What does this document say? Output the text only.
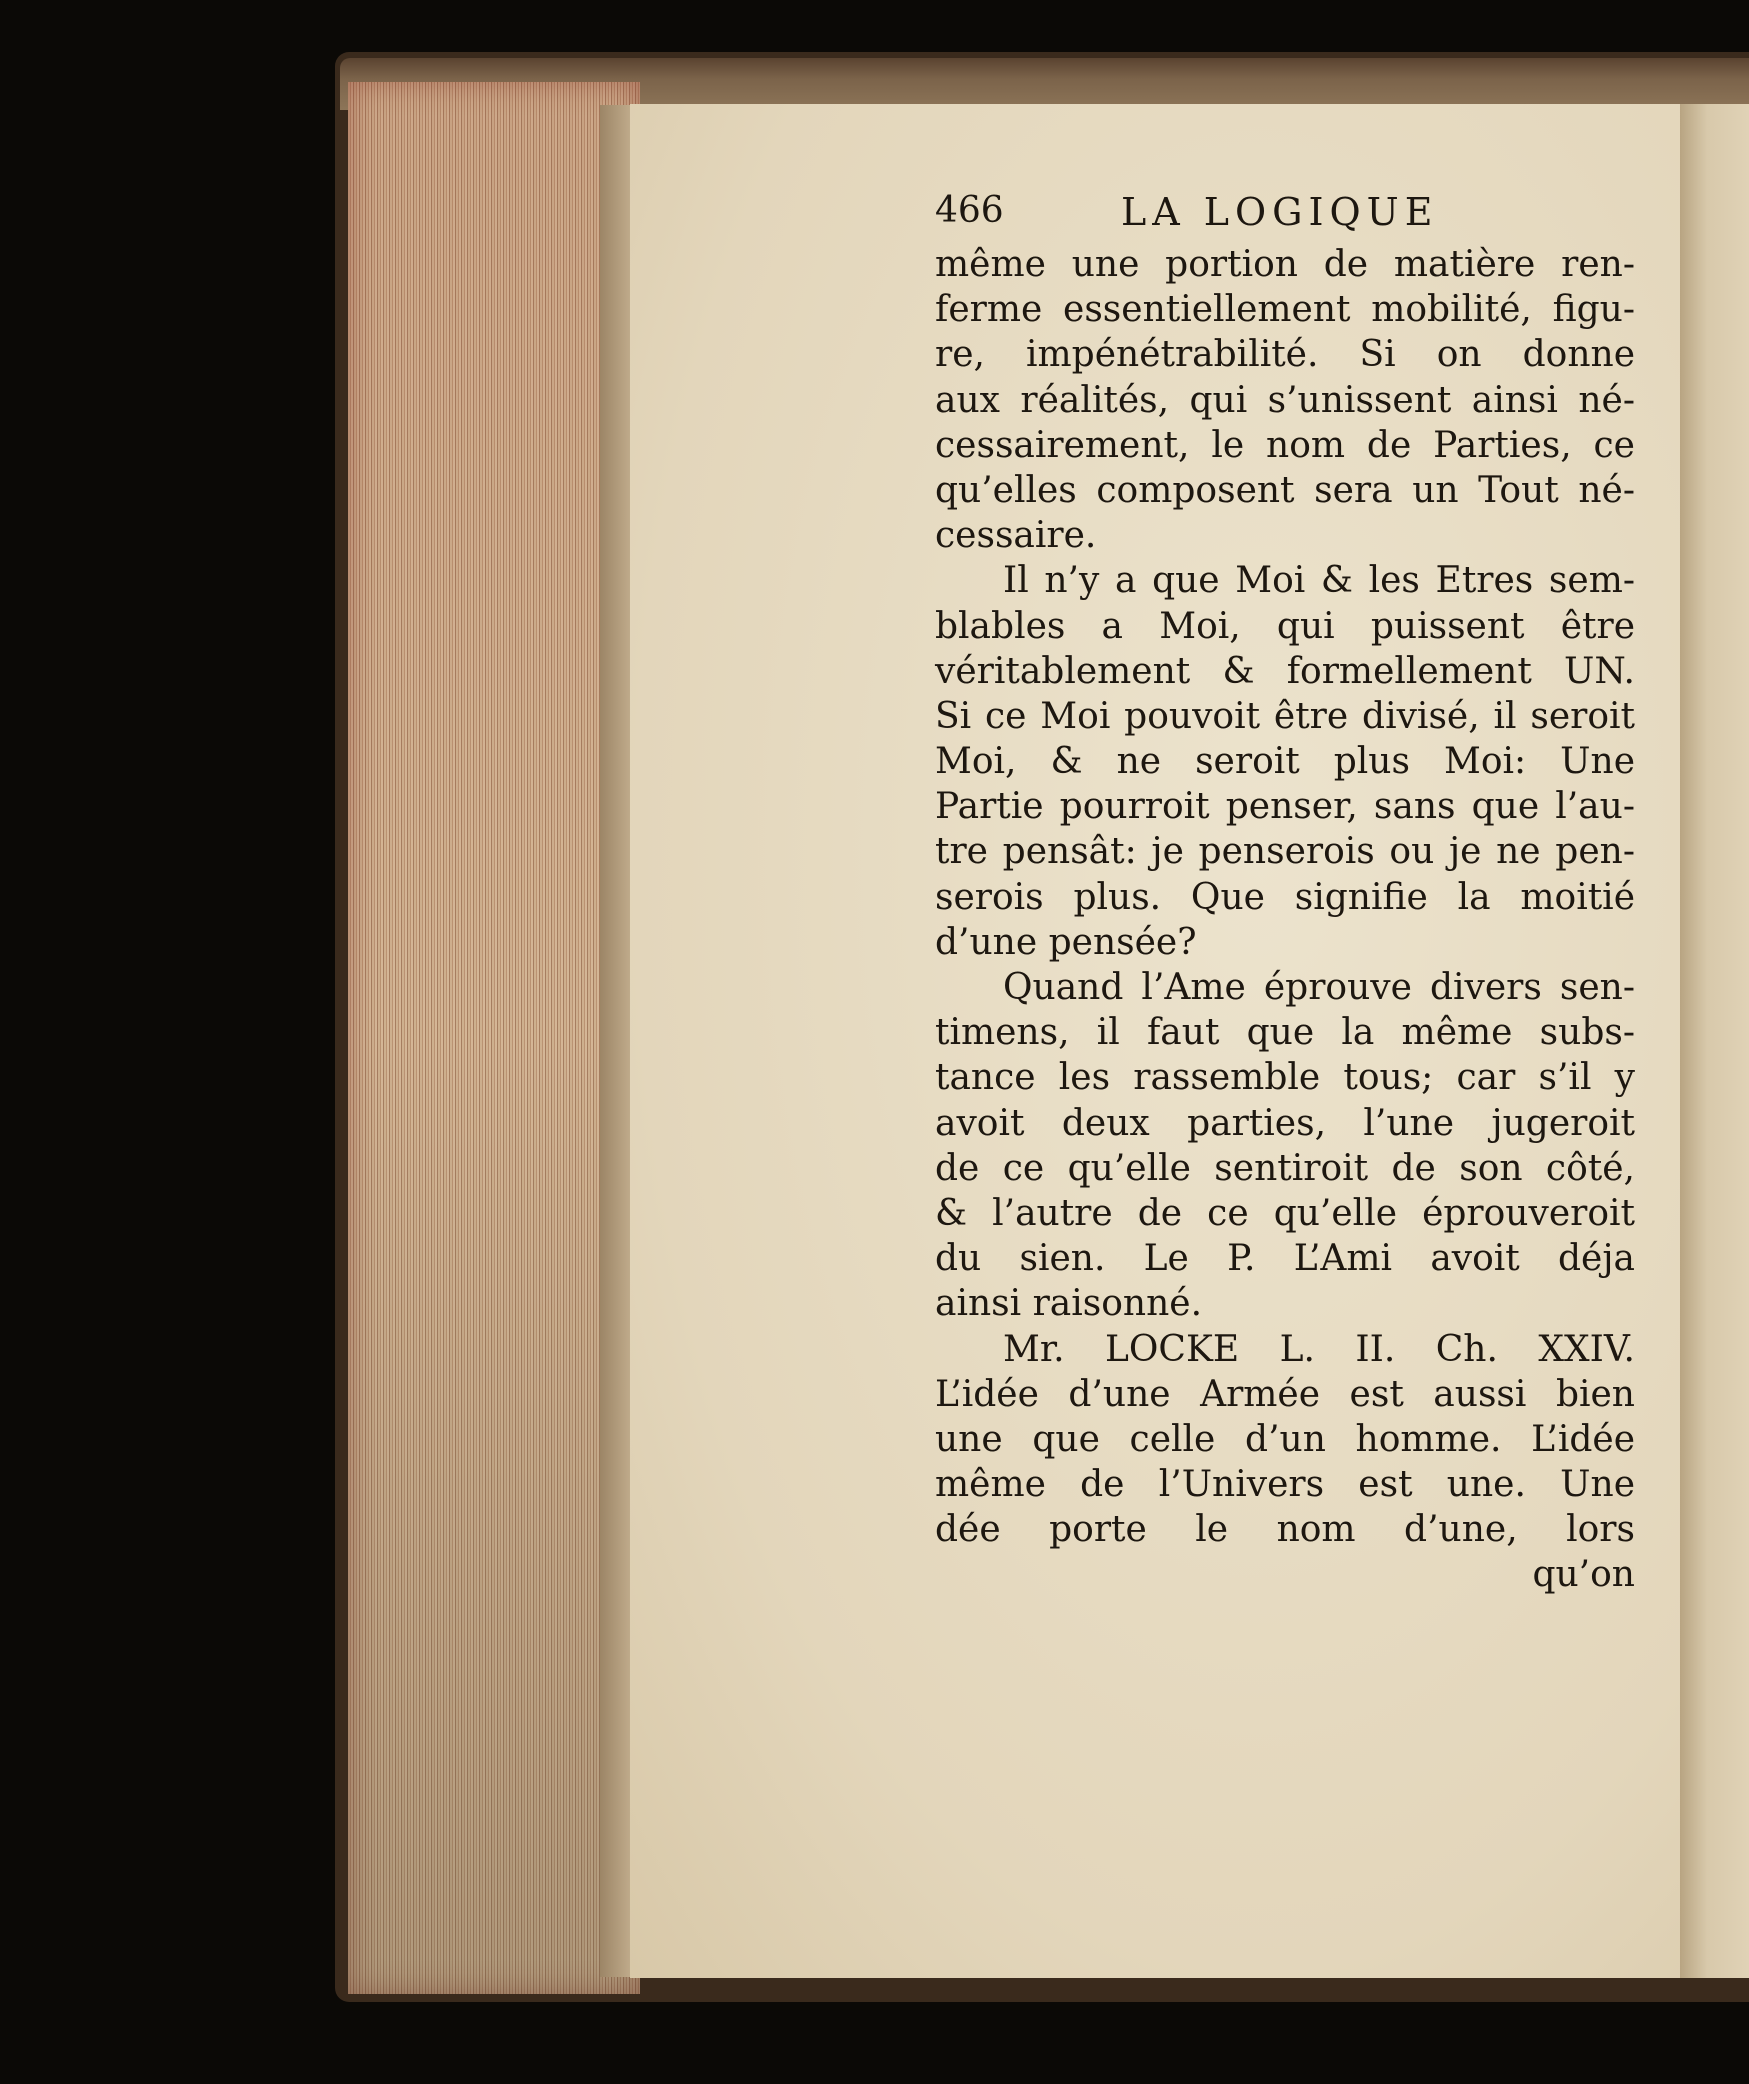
466	LA LOGIQUE
même une portion de matière ren-
ferme essentiellement mobilité, figu-
re, impénétrabilité. Si on donne
aux réalités, qui s’unissent ainsi né-
cessairement, le nom de Parties, ce
qu’elles composent sera un Tout né-
cessaire.
Il n’y a que Moi & les Etres sem-
blables a Moi, qui puissent être
véritablement & formellement UN.
Si ce Moi pouvoit être divisé, il seroit
Moi, & ne seroit plus Moi: Une
Partie pourroit penser, sans que l’au-
tre pensât: je penserois ou je ne pen-
serois plus. Que signifie la moitié
d’une pensée?
Quand l’Ame éprouve divers sen-
timens, il faut que la même subs-
tance les rassemble tous; car s’il y
avoit deux parties, l’une jugeroit
de ce qu’elle sentiroit de son côté,
& l’autre de ce qu’elle éprouveroit
du sien. Le P. L’Ami avoit déja
ainsi raisonné.
Mr. LOCKE L. II. Ch. XXIV.
L’idée d’une Armée est aussi bien
une que celle d’un homme. L’idée
même de l’Univers est une. Une
dée porte le nom d’une, lors
qu’on
